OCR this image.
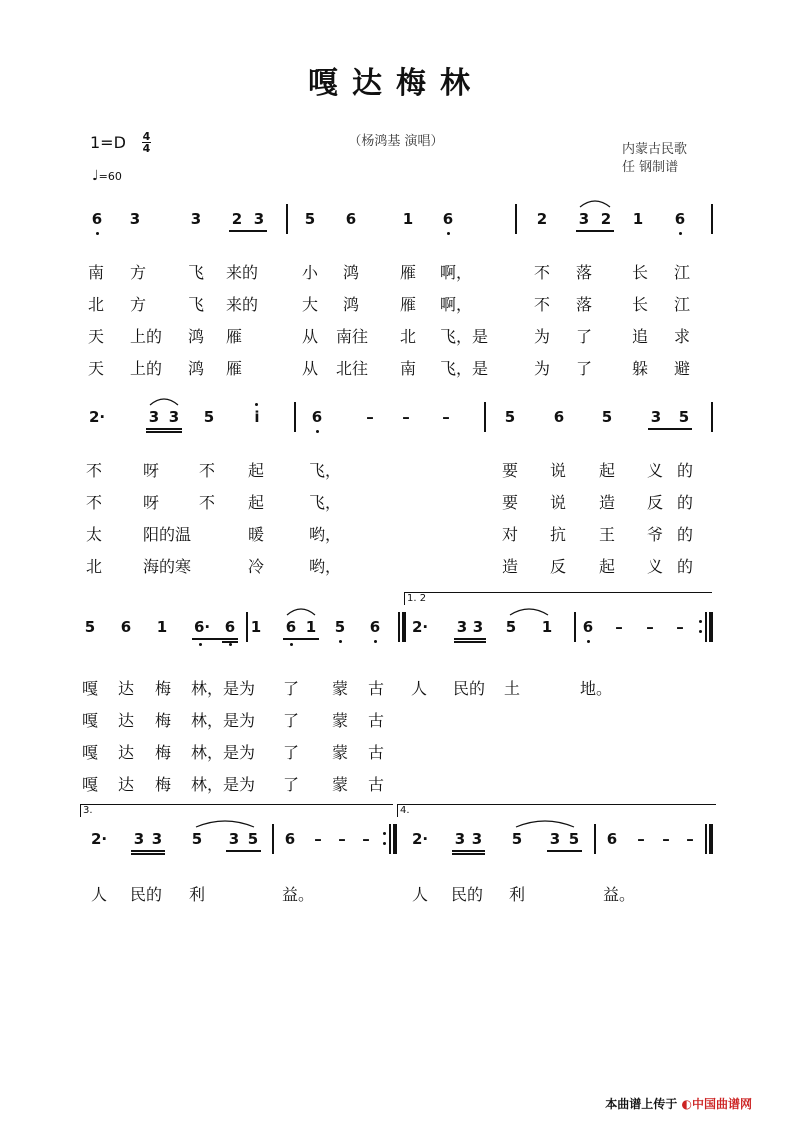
嘎达梅林
（杨鸿基 演唱）
内蒙古民歌
任 钢制谱
1=D 4
4
♩=60
6 3	3 2 3	5 6	1 6	2 3 2 1 6
南 方	飞 来的	小 鸿	雁 啊，	不 落 长 江
北 方	飞 来的	大 鸿	雁 啊，	不 落 长 江
天 上的 鸿 雁	从 南往 北 飞，是	为 了 追 求
天 上的 鸿 雁	从 北往 南 飞，是	为 了 躲 避
2·	3 3 5	i	6	– – –	5	6	5	3 5
不	呀 不 起	飞，	要 说 起 义 的
不	呀 不 起	飞，	要 说 造 反 的
太	阳的温	暖	哟，	对 抗 王 爷 的
北	海的寒	冷	哟，	造 反 起 义 的
1. 2
5 6 1 6· 6 1 6 1 5 6 2· 3 3 5 1 6 – – –
嘎 达 梅 林，是为 了 蒙 古 人 民的 土	地。
嘎 达 梅 林，是为 了 蒙 古
嘎 达 梅 林，是为 了 蒙 古
嘎 达 梅 林，是为 了 蒙 古
3.	4.
2· 3 3 5 3 5 6 – – –	2· 3 3 5 3 5 6 – – –
人 民的 利	益。	人 民的 利	益。
本曲谱上传于 ◐中国曲谱网
